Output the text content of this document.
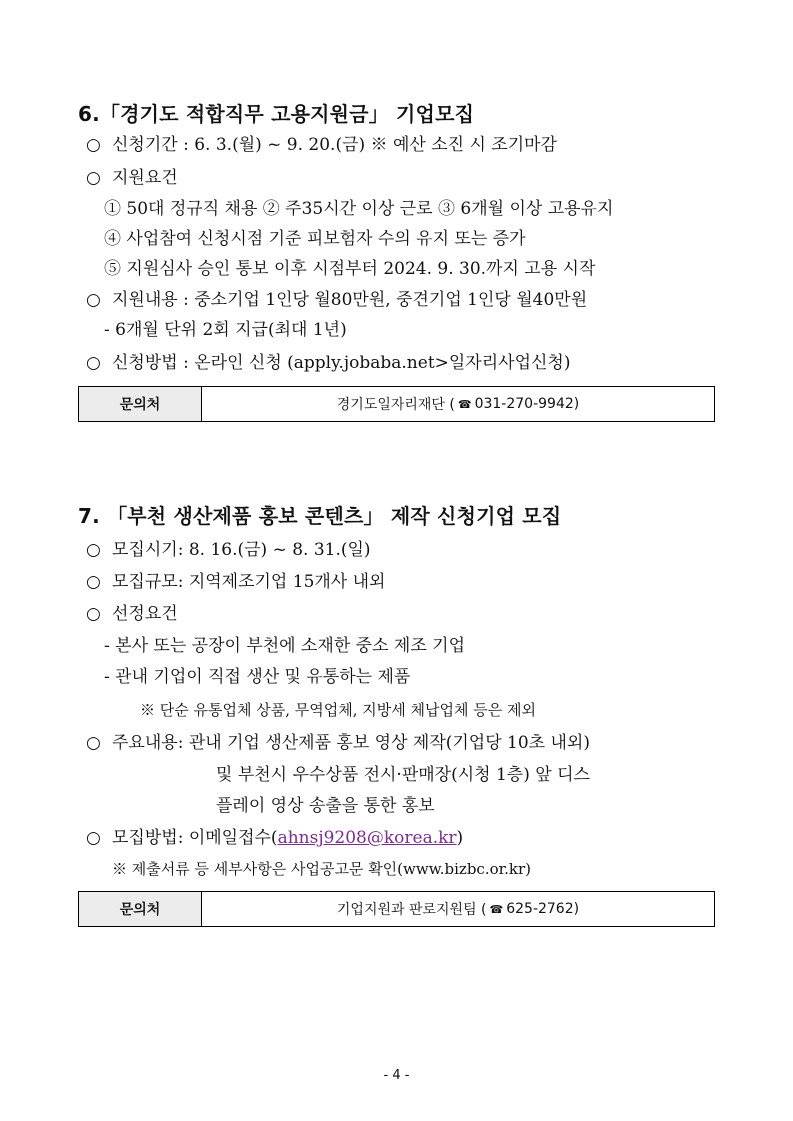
6.「경기도 적합직무 고용지원금」 기업모집
○ 신청기간 : 6. 3.(월) ~ 9. 20.(금) ※ 예산 소진 시 조기마감
○ 지원요건
① 50대 정규직 채용 ② 주35시간 이상 근로 ③ 6개월 이상 고용유지
④ 사업참여 신청시점 기준 피보험자 수의 유지 또는 증가
⑤ 지원심사 승인 통보 이후 시점부터 2024. 9. 30.까지 고용 시작
○ 지원내용 : 중소기업 1인당 월80만원, 중견기업 1인당 월40만원
- 6개월 단위 2회 지급(최대 1년)
○ 신청방법 : 온라인 신청 (apply.jobaba.net>일자리사업신청)
문의처	경기도일자리재단 ( ☎ 031-270-9942)
7. 「부천 생산제품 홍보 콘텐츠」 제작 신청기업 모집
○ 모집시기: 8. 16.(금) ~ 8. 31.(일)
○ 모집규모: 지역제조기업 15개사 내외
○ 선정요건
- 본사 또는 공장이 부천에 소재한 중소 제조 기업
- 관내 기업이 직접 생산 및 유통하는 제품
※ 단순 유통업체 상품, 무역업체, 지방세 체납업체 등은 제외
○ 주요내용: 관내 기업 생산제품 홍보 영상 제작(기업당 10초 내외)
및 부천시 우수상품 전시·판매장(시청 1층) 앞 디스
플레이 영상 송출을 통한 홍보
○ 모집방법: 이메일접수(ahnsj9208@korea.kr)
※ 제출서류 등 세부사항은 사업공고문 확인(www.bizbc.or.kr)
문의처	기업지원과 판로지원팀 ( ☎ 625-2762)
- 4 -
